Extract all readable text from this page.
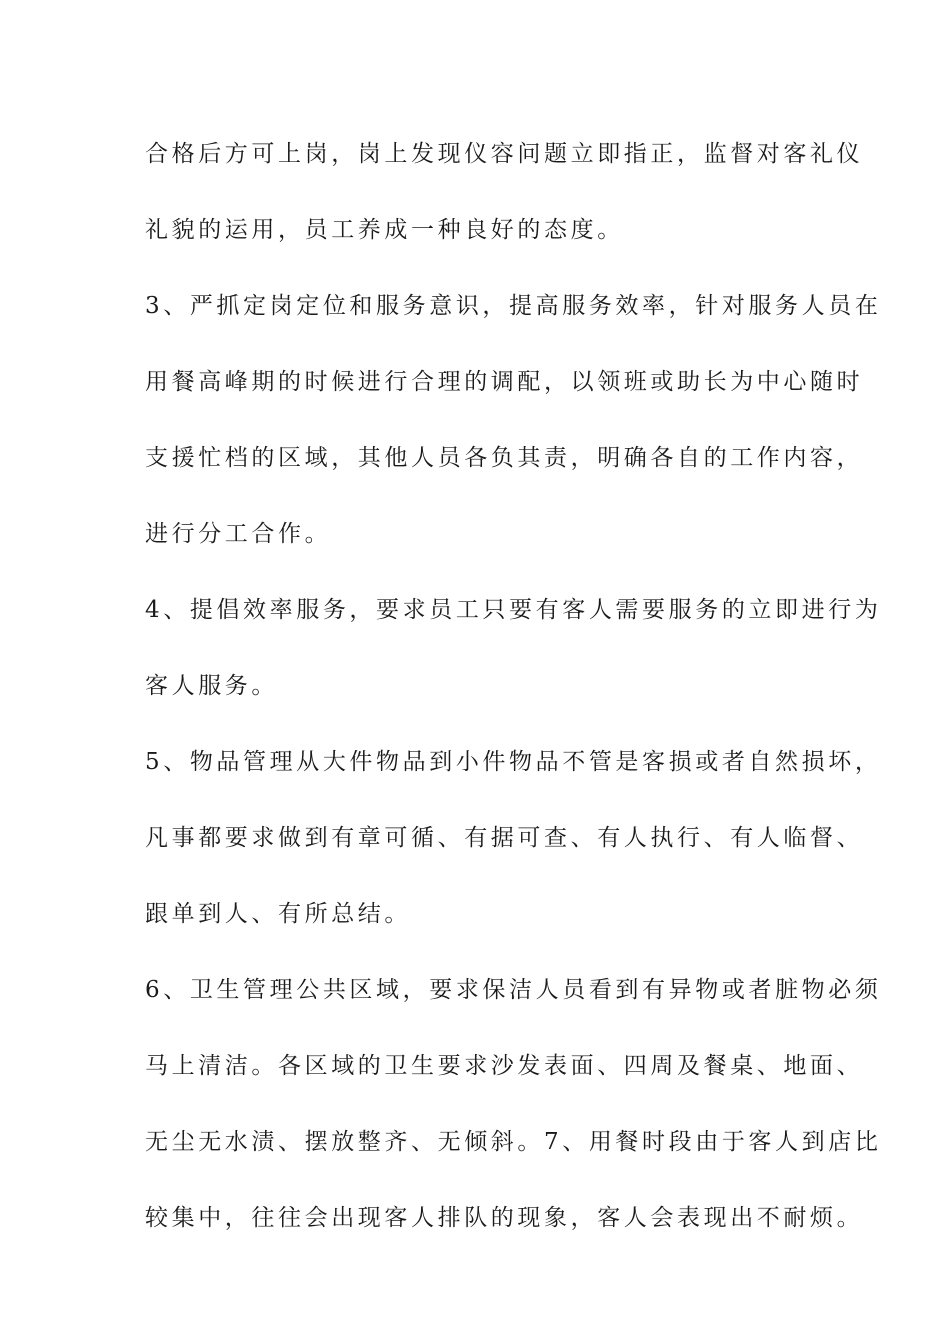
合格后方可上岗，岗上发现仪容问题立即指正，监督对客礼仪
礼貌的运用，员工养成一种良好的态度。
3、严抓定岗定位和服务意识，提高服务效率，针对服务人员在
用餐高峰期的时候进行合理的调配，以领班或助长为中心随时
支援忙档的区域，其他人员各负其责，明确各自的工作内容，
进行分工合作。
4、提倡效率服务，要求员工只要有客人需要服务的立即进行为
客人服务。
5、物品管理从大件物品到小件物品不管是客损或者自然损坏，
凡事都要求做到有章可循、有据可查、有人执行、有人临督、
跟单到人、有所总结。
6、卫生管理公共区域，要求保洁人员看到有异物或者脏物必须
马上清洁。各区域的卫生要求沙发表面、四周及餐桌、地面、
无尘无水渍、摆放整齐、无倾斜。7、用餐时段由于客人到店比
较集中，往往会出现客人排队的现象，客人会表现出不耐烦。
